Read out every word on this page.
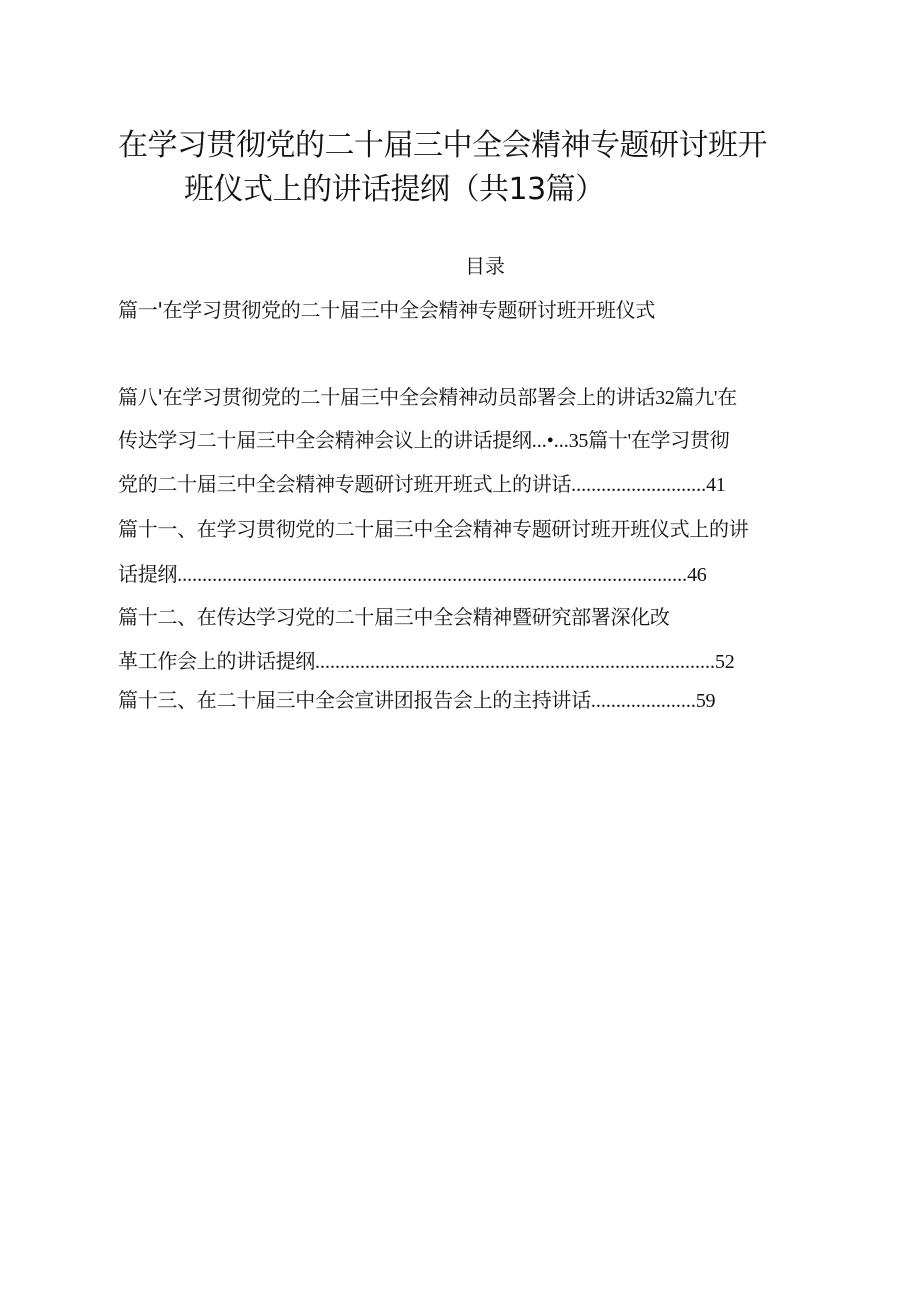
在学习贯彻党的二十届三中全会精神专题研讨班开
班仪式上的讲话提纲（共13篇）
目录
篇一'在学习贯彻党的二十届三中全会精神专题研讨班开班仪式
篇八'在学习贯彻党的二十届三中全会精神动员部署会上的讲话32篇九'在
传达学习二十届三中全会精神会议上的讲话提纲...•...35篇十'在学习贯彻
党的二十届三中全会精神专题研讨班开班式上的讲话...........................41
篇十一、在学习贯彻党的二十届三中全会精神专题研讨班开班仪式上的讲
话提纲......................................................................................................46
篇十二、在传达学习党的二十届三中全会精神暨研究部署深化改
革工作会上的讲话提纲................................................................................52
篇十三、在二十届三中全会宣讲团报告会上的主持讲话.....................59
